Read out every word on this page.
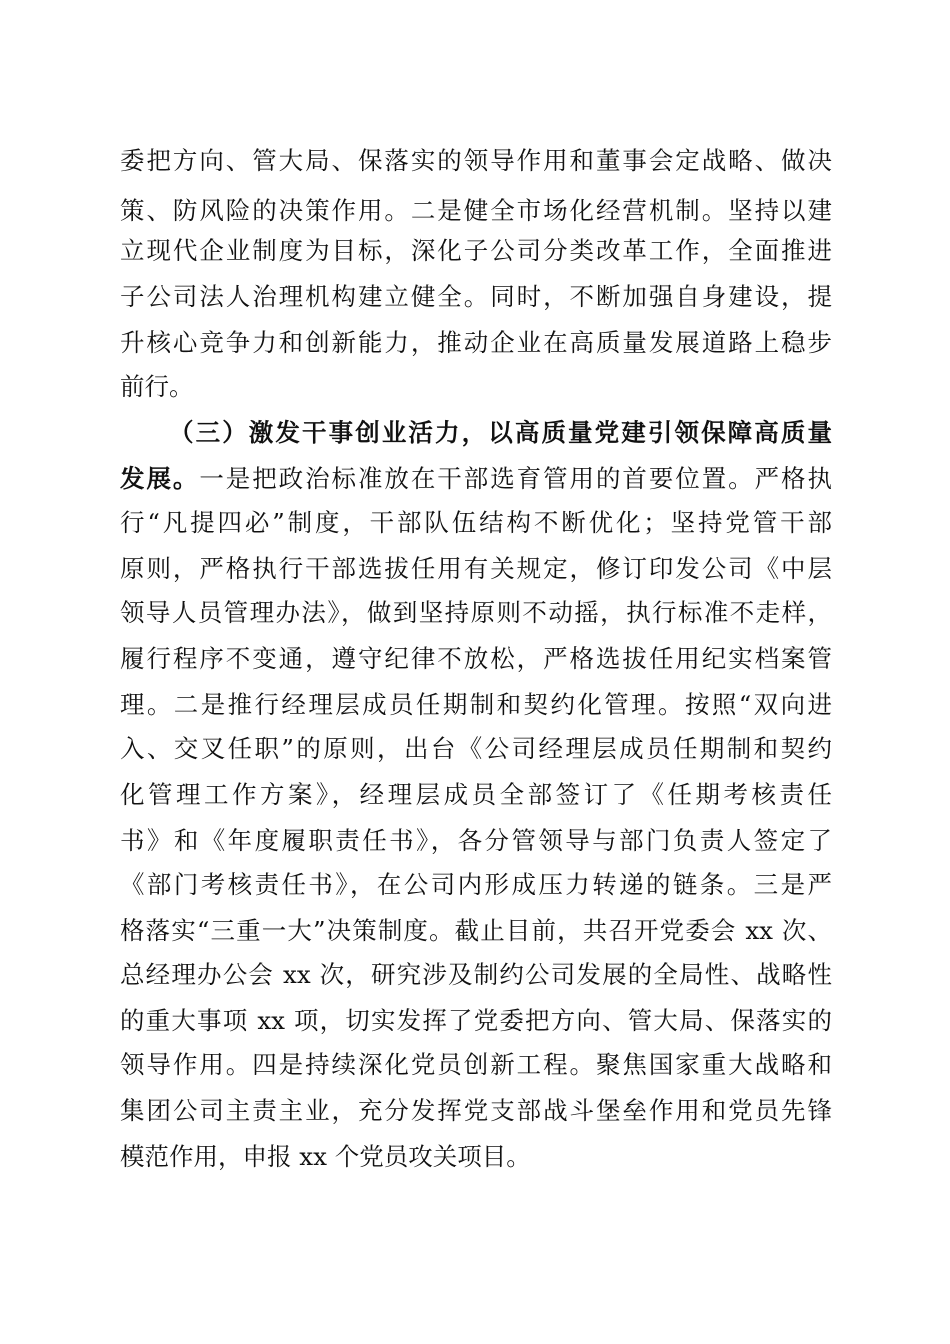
委把方向、管大局、保落实的领导作用和董事会定战略、做决
策、防风险的决策作用。二是健全市场化经营机制。坚持以建
立现代企业制度为目标，深化子公司分类改革工作，全面推进
子公司法人治理机构建立健全。同时，不断加强自身建设，提
升核心竞争力和创新能力，推动企业在高质量发展道路上稳步
前行。
（三）激发干事创业活力，以高质量党建引领保障高质量
发展。一是把政治标准放在干部选育管用的首要位置。严格执
行“凡提四必”制度，干部队伍结构不断优化；坚持党管干部
原则，严格执行干部选拔任用有关规定，修订印发公司《中层
领导人员管理办法》，做到坚持原则不动摇，执行标准不走样，
履行程序不变通，遵守纪律不放松，严格选拔任用纪实档案管
理。二是推行经理层成员任期制和契约化管理。按照“双向进
入、交叉任职”的原则，出台《公司经理层成员任期制和契约
化管理工作方案》，经理层成员全部签订了《任期考核责任
书》和《年度履职责任书》，各分管领导与部门负责人签定了
《部门考核责任书》，在公司内形成压力转递的链条。三是严
格落实“三重一大”决策制度。截止目前，共召开党委会 xx 次、
总经理办公会 xx 次，研究涉及制约公司发展的全局性、战略性
的重大事项 xx 项，切实发挥了党委把方向、管大局、保落实的
领导作用。四是持续深化党员创新工程。聚焦国家重大战略和
集团公司主责主业，充分发挥党支部战斗堡垒作用和党员先锋
模范作用，申报 xx 个党员攻关项目。
